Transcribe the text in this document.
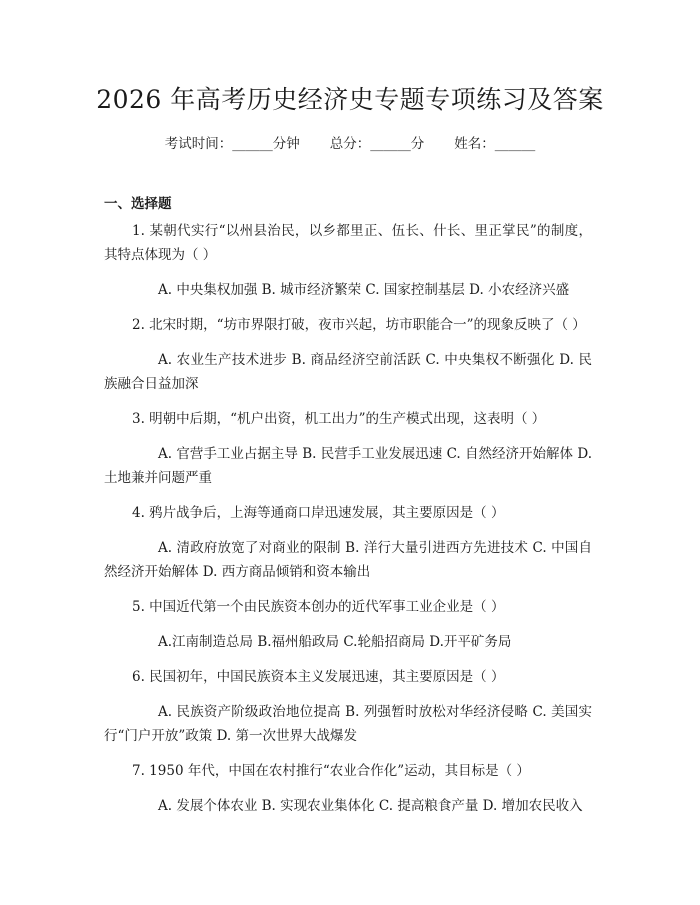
2026 年高考历史经济史专题专项练习及答案
考试时间：______分钟 总分：______分 姓名：______
一、选择题

1. 某朝代实行“以州县治民，以乡都里正、伍长、什长、里正掌民”的制度，其特点体现为（ ）

A. 中央集权加强 B. 城市经济繁荣 C. 国家控制基层 D. 小农经济兴盛

2. 北宋时期，“坊市界限打破，夜市兴起，坊市职能合一”的现象反映了（ ）

A. 农业生产技术进步 B. 商品经济空前活跃 C. 中央集权不断强化 D. 民族融合日益加深

3. 明朝中后期，“机户出资，机工出力”的生产模式出现，这表明（ ）

A. 官营手工业占据主导 B. 民营手工业发展迅速 C. 自然经济开始解体 D. 土地兼并问题严重

4. 鸦片战争后，上海等通商口岸迅速发展，其主要原因是（ ）

A. 清政府放宽了对商业的限制 B. 洋行大量引进西方先进技术 C. 中国自然经济开始解体 D. 西方商品倾销和资本输出

5. 中国近代第一个由民族资本创办的近代军事工业企业是（ ）

A.江南制造总局 B.福州船政局 C.轮船招商局 D.开平矿务局

6. 民国初年，中国民族资本主义发展迅速，其主要原因是（ ）

A. 民族资产阶级政治地位提高 B. 列强暂时放松对华经济侵略 C. 美国实行“门户开放”政策 D. 第一次世界大战爆发

7. 1950 年代，中国在农村推行“农业合作化”运动，其目标是（ ）

A. 发展个体农业 B. 实现农业集体化 C. 提高粮食产量 D. 增加农民收入
